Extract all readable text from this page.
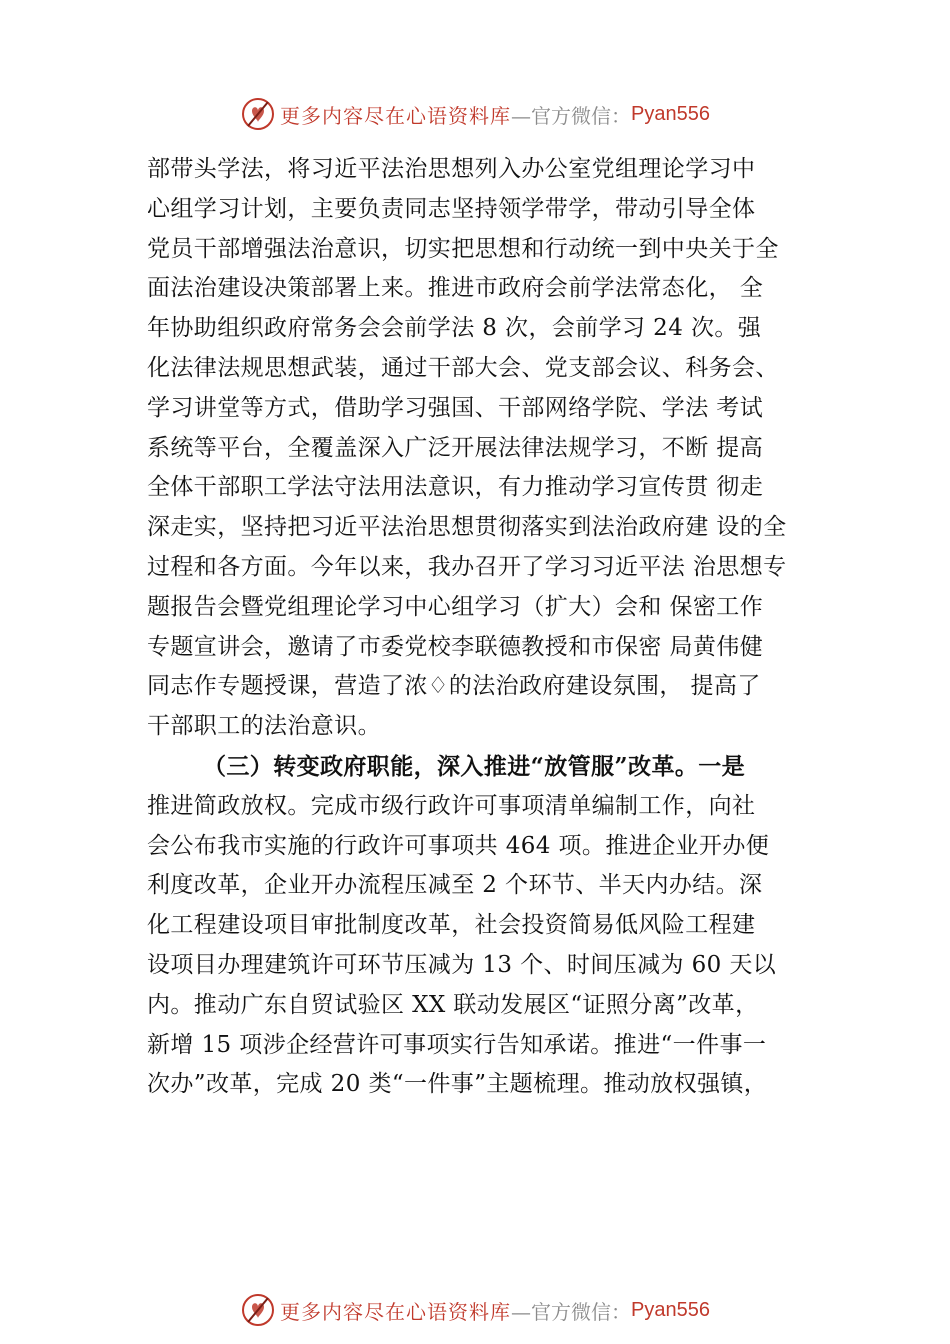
更多内容尽在心语资料库 —官方微信： Pyan556
部带头学法，将习近平法治思想列入办公室党组理论学习中
心组学习计划，主要负责同志坚持领学带学，带动引导全体
党员干部增强法治意识，切实把思想和行动统一到中央关于全
面法治建设决策部署上来。推进市政府会前学法常态化， 全
年协助组织政府常务会会前学法 8 次，会前学习 24 次。强
化法律法规思想武装，通过干部大会、党支部会议、科务会、
学习讲堂等方式，借助学习强国、干部网络学院、学法 考试
系统等平台，全覆盖深入广泛开展法律法规学习，不断 提高
全体干部职工学法守法用法意识，有力推动学习宣传贯 彻走
深走实，坚持把习近平法治思想贯彻落实到法治政府建 设的全
过程和各方面。今年以来，我办召开了学习习近平法 治思想专
题报告会暨党组理论学习中心组学习（扩大）会和 保密工作
专题宣讲会，邀请了市委党校李联德教授和市保密 局黄伟健
同志作专题授课，营造了浓♢的法治政府建设氛围， 提高了
干部职工的法治意识。
（三）转变政府职能，深入推进“放管服”改革。一是
推进简政放权。完成市级行政许可事项清单编制工作，向社
会公布我市实施的行政许可事项共 464 项。推进企业开办便
利度改革，企业开办流程压减至 2 个环节、半天内办结。深
化工程建设项目审批制度改革，社会投资简易低风险工程建
设项目办理建筑许可环节压减为 13 个、时间压减为 60 天以
内。推动广东自贸试验区 XX 联动发展区“证照分离”改革，
新增 15 项涉企经营许可事项实行告知承诺。推进“一件事一
次办”改革，完成 20 类“一件事”主题梳理。推动放权强镇，
更多内容尽在心语资料库 —官方微信： Pyan556
